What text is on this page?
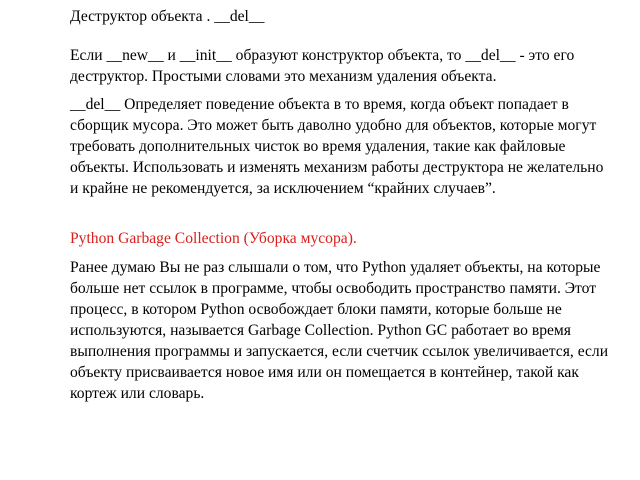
Деструктор объекта . __del__

Если __new__ и __init__ образуют конструктор объекта, то __del__ - это его деструктор. Простыми словами это механизм удаления объекта.

__del__ Определяет поведение объекта в то время, когда объект попадает в сборщик мусора. Это может быть даволно удобно для объектов, которые могут требовать дополнительных чисток во время удаления, такие как файловые объекты. Использовать и изменять механизм работы деструктора не желательно и крайне не рекомендуется, за исключением “крайних случаев”.

Python Garbage Collection (Уборка мусора).

Ранее думаю Вы не раз слышали о том, что Python удаляет объекты, на которые больше нет ссылок в программе, чтобы освободить пространство памяти. Этот процесс, в котором Python освобождает блоки памяти, которые больше не используются, называется Garbage Collection. Python GC работает во время выполнения программы и запускается, если счетчик ссылок увеличивается, если объекту присваивается новое имя или он помещается в контейнер, такой как кортеж или словарь.
